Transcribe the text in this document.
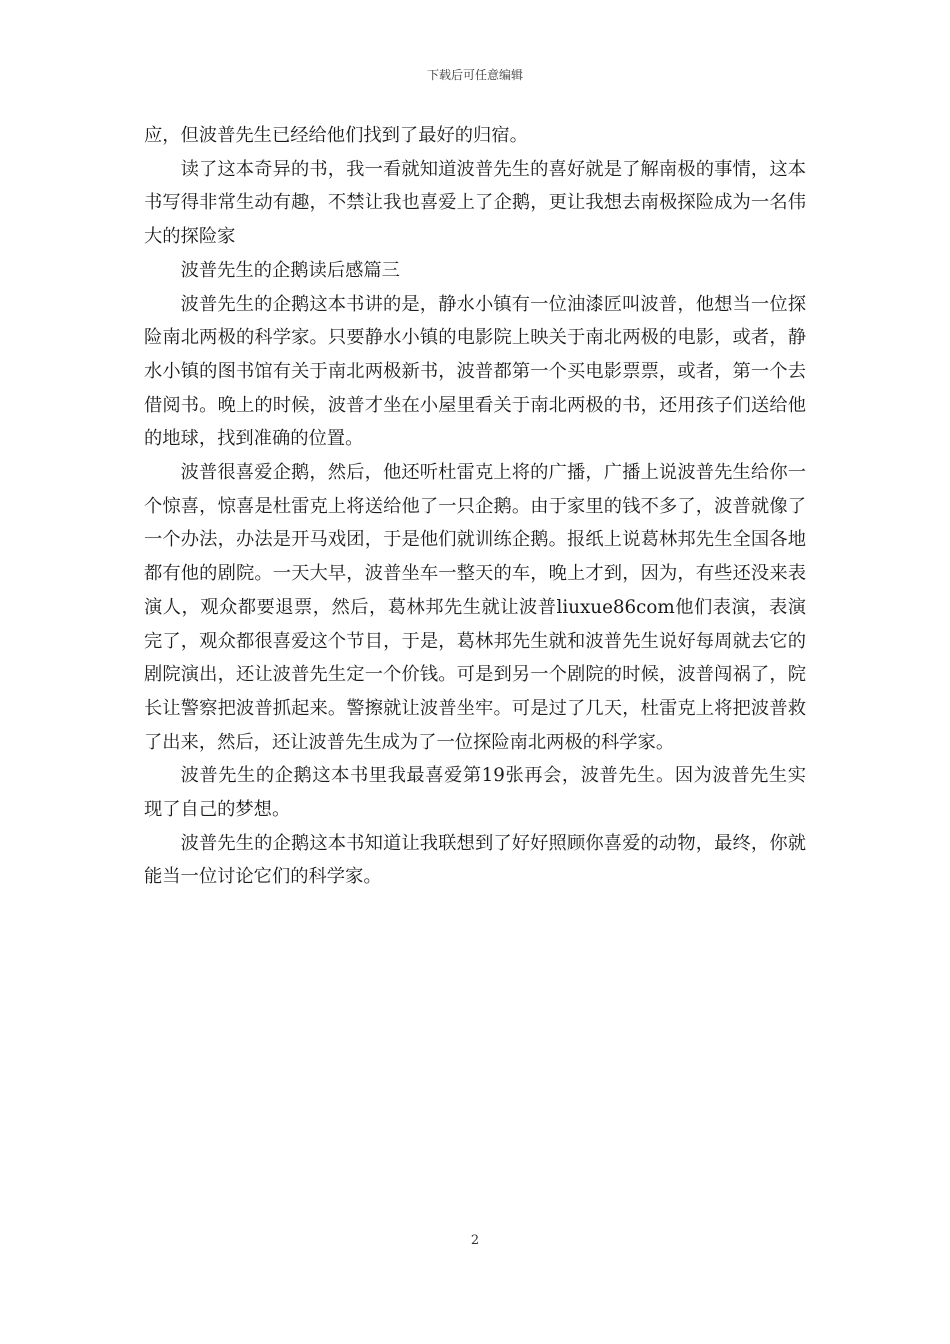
下载后可任意编辑

应，但波普先生已经给他们找到了最好的归宿。

读了这本奇异的书，我一看就知道波普先生的喜好就是了解南极的事情，这本书写得非常生动有趣，不禁让我也喜爱上了企鹅，更让我想去南极探险成为一名伟大的探险家

波普先生的企鹅读后感篇三

波普先生的企鹅这本书讲的是，静水小镇有一位油漆匠叫波普，他想当一位探险南北两极的科学家。只要静水小镇的电影院上映关于南北两极的电影，或者，静水小镇的图书馆有关于南北两极新书，波普都第一个买电影票票，或者，第一个去借阅书。晚上的时候，波普才坐在小屋里看关于南北两极的书，还用孩子们送给他的地球，找到准确的位置。

波普很喜爱企鹅，然后，他还听杜雷克上将的广播，广播上说波普先生给你一个惊喜，惊喜是杜雷克上将送给他了一只企鹅。由于家里的钱不多了，波普就像了一个办法，办法是开马戏团，于是他们就训练企鹅。报纸上说葛林邦先生全国各地都有他的剧院。一天大早，波普坐车一整天的车，晚上才到，因为，有些还没来表演人，观众都要退票，然后，葛林邦先生就让波普liuxue86com他们表演，表演完了，观众都很喜爱这个节目，于是，葛林邦先生就和波普先生说好每周就去它的剧院演出，还让波普先生定一个价钱。可是到另一个剧院的时候，波普闯祸了，院长让警察把波普抓起来。警擦就让波普坐牢。可是过了几天，杜雷克上将把波普救了出来，然后，还让波普先生成为了一位探险南北两极的科学家。

波普先生的企鹅这本书里我最喜爱第19张再会，波普先生。因为波普先生实现了自己的梦想。

波普先生的企鹅这本书知道让我联想到了好好照顾你喜爱的动物，最终，你就能当一位讨论它们的科学家。

2
